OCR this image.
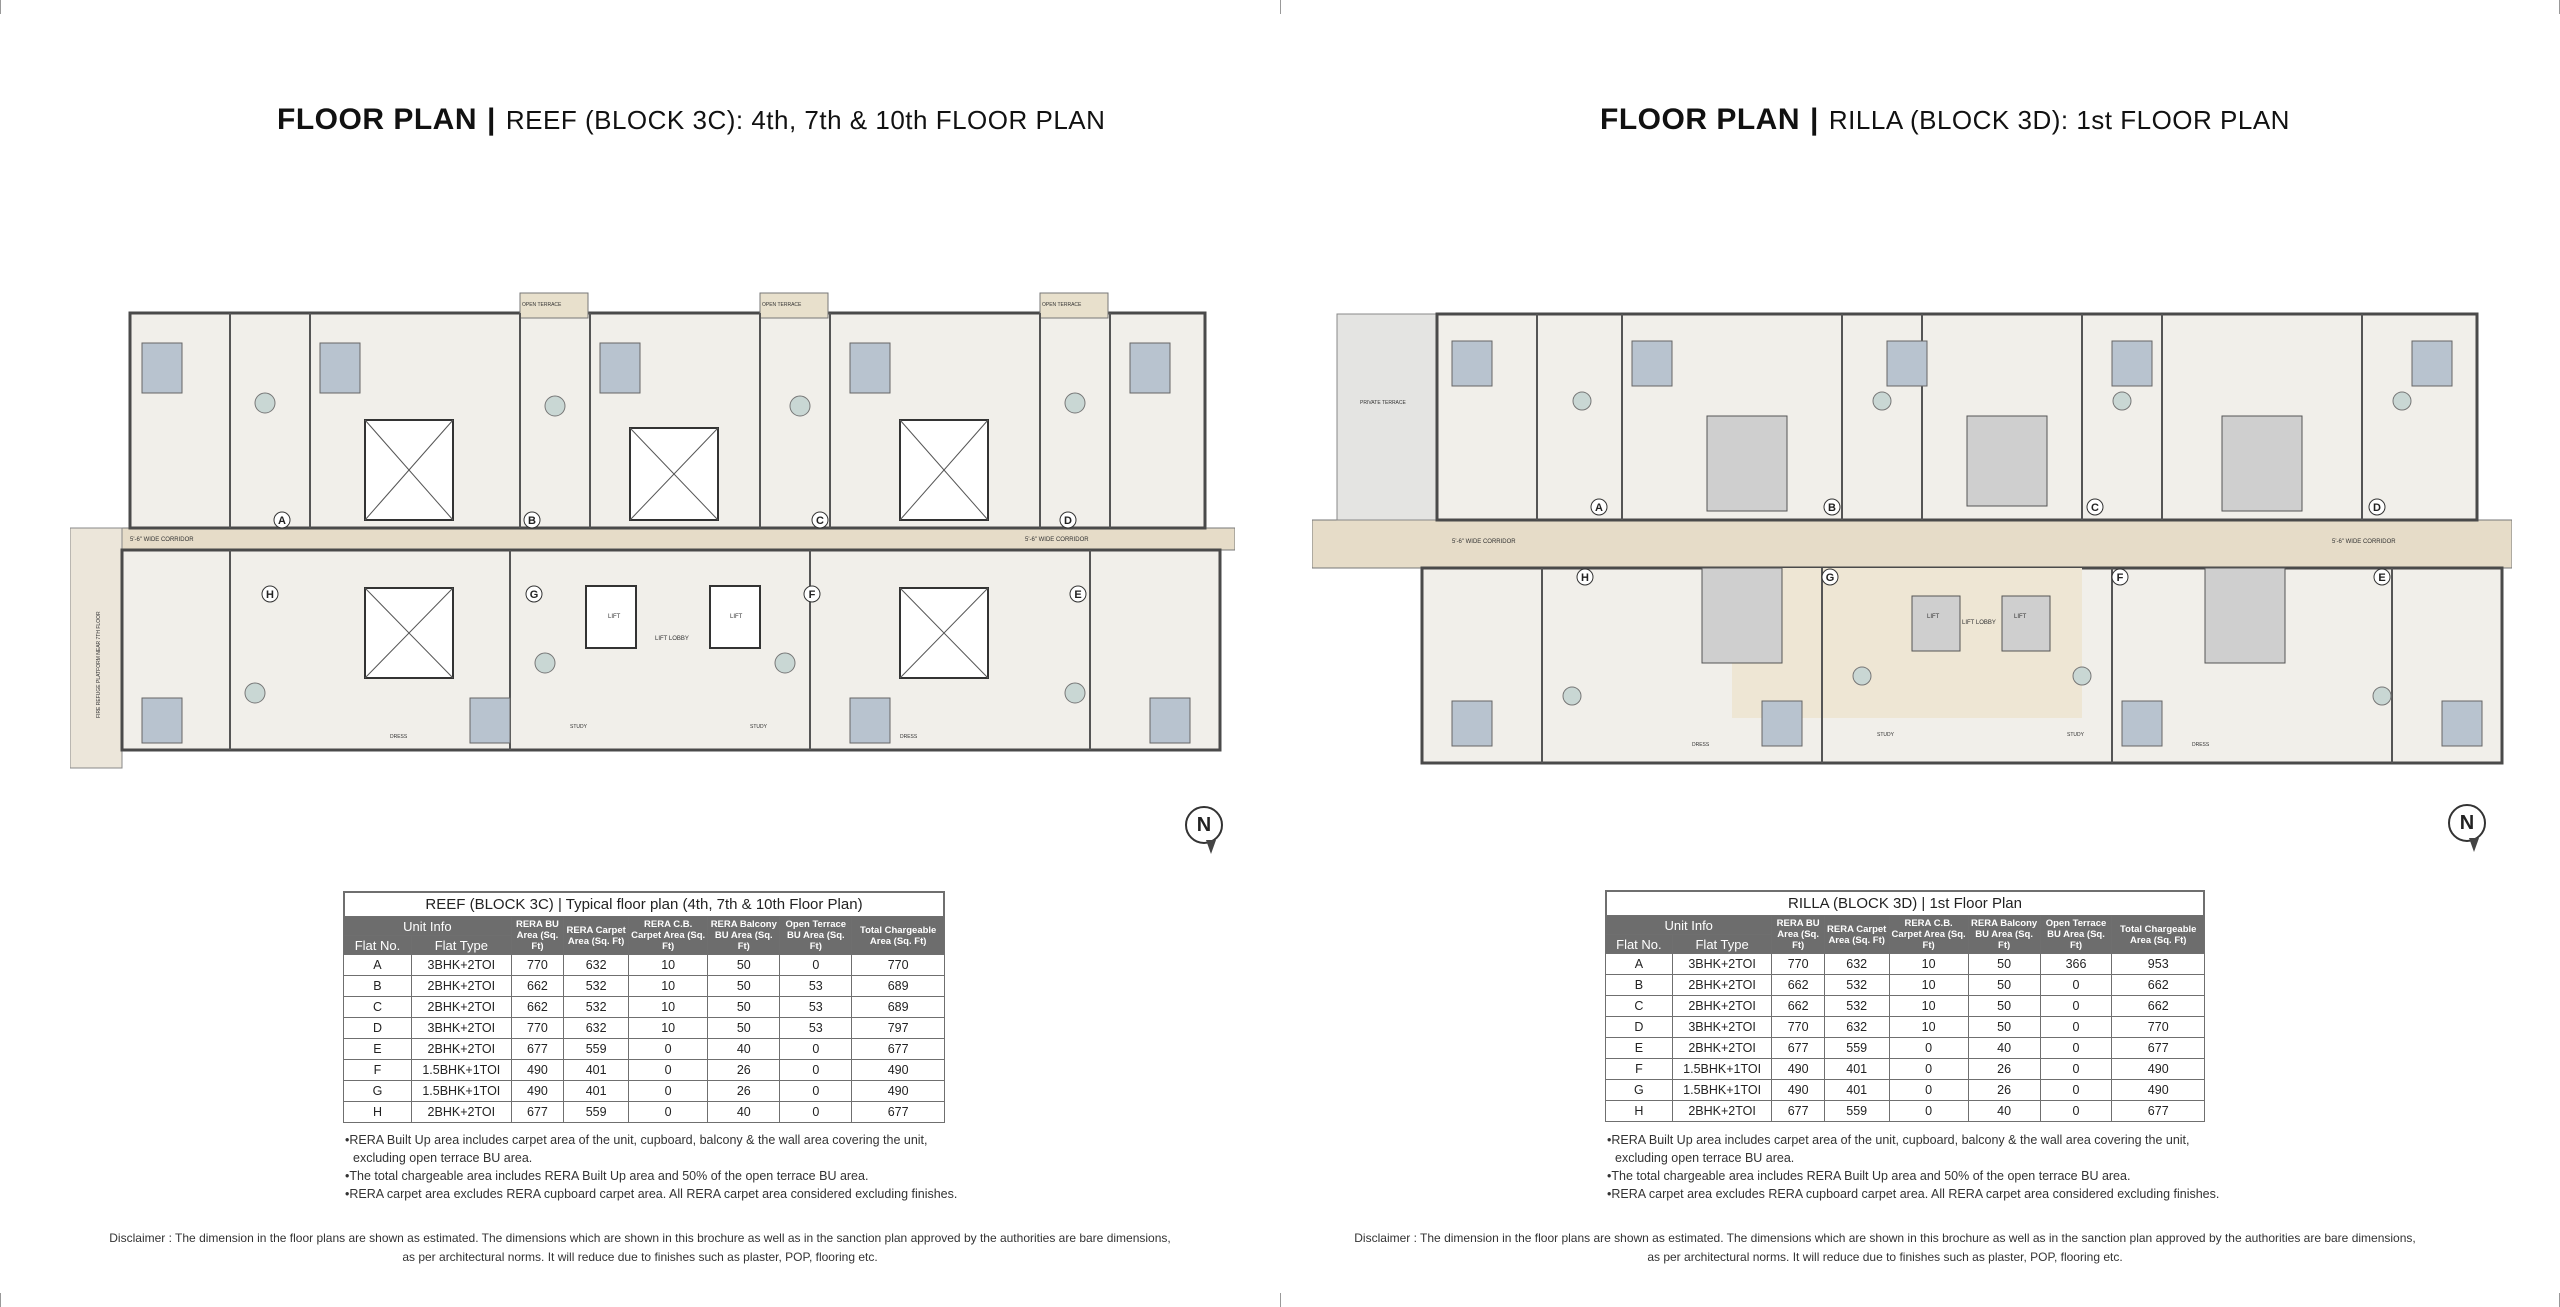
FLOOR PLAN | REEF (BLOCK 3C): 4th, 7th & 10th FLOOR PLAN
5'-6" WIDE CORRIDOR	5'-6" WIDE CORRIDOR
LIFT LOBBY
LIFT	LIFT
OPEN TERRACE	OPEN TERRACE	OPEN TERRACE
STUDY	STUDY
DRESS	DRESS
FIRE REFUGE PLATFORM NEAR 7TH FLOOR
A	B	C	D
E
F
G
H
N
REEF (BLOCK 3C) | Typical floor plan (4th, 7th & 10th Floor Plan)
Unit Info		RERA BU Area (Sq. Ft)	RERA Carpet Area (Sq. Ft)	RERA C.B. Carpet Area (Sq. Ft)	RERA Balcony BU Area (Sq. Ft)	Open Terrace BU Area (Sq. Ft)	Total Chargeable Area (Sq. Ft)
Flat No.	Flat Type						
A	3BHK+2TOI	770	632	10	50	0	770
B	2BHK+2TOI	662	532	10	50	53	689
C	2BHK+2TOI	662	532	10	50	53	689
D	3BHK+2TOI	770	632	10	50	53	797
E	2BHK+2TOI	677	559	0	40	0	677
F	1.5BHK+1TOI	490	401	0	26	0	490
G	1.5BHK+1TOI	490	401	0	26	0	490
H	2BHK+2TOI	677	559	0	40	0	677
•RERA Built Up area includes carpet area of the unit, cupboard, balcony & the wall area covering the unit,
excluding open terrace BU area.
•The total chargeable area includes RERA Built Up area and 50% of the open terrace BU area.
•RERA carpet area excludes RERA cupboard carpet area. All RERA carpet area considered excluding finishes.
Disclaimer : The dimension in the floor plans are shown as estimated. The dimensions which are shown in this brochure as well as in the sanction plan approved by the authorities are bare dimensions,
as per architectural norms. It will reduce due to finishes such as plaster, POP, flooring etc.
FLOOR PLAN | RILLA (BLOCK 3D): 1st FLOOR PLAN
5'-6" WIDE CORRIDOR	5'-6" WIDE CORRIDOR
LIFT LOBBY
LIFT	LIFT
PRIVATE TERRACE
STUDY	STUDY
DRESS	DRESS
A	B	C	D
E
F
G
H
N
RILLA (BLOCK 3D) | 1st Floor Plan
Unit Info		RERA BU Area (Sq. Ft)	RERA Carpet Area (Sq. Ft)	RERA C.B. Carpet Area (Sq. Ft)	RERA Balcony BU Area (Sq. Ft)	Open Terrace BU Area (Sq. Ft)	Total Chargeable Area (Sq. Ft)
Flat No.	Flat Type						
A	3BHK+2TOI	770	632	10	50	366	953
B	2BHK+2TOI	662	532	10	50	0	662
C	2BHK+2TOI	662	532	10	50	0	662
D	3BHK+2TOI	770	632	10	50	0	770
E	2BHK+2TOI	677	559	0	40	0	677
F	1.5BHK+1TOI	490	401	0	26	0	490
G	1.5BHK+1TOI	490	401	0	26	0	490
H	2BHK+2TOI	677	559	0	40	0	677
•RERA Built Up area includes carpet area of the unit, cupboard, balcony & the wall area covering the unit,
excluding open terrace BU area.
•The total chargeable area includes RERA Built Up area and 50% of the open terrace BU area.
•RERA carpet area excludes RERA cupboard carpet area. All RERA carpet area considered excluding finishes.
Disclaimer : The dimension in the floor plans are shown as estimated. The dimensions which are shown in this brochure as well as in the sanction plan approved by the authorities are bare dimensions,
as per architectural norms. It will reduce due to finishes such as plaster, POP, flooring etc.
